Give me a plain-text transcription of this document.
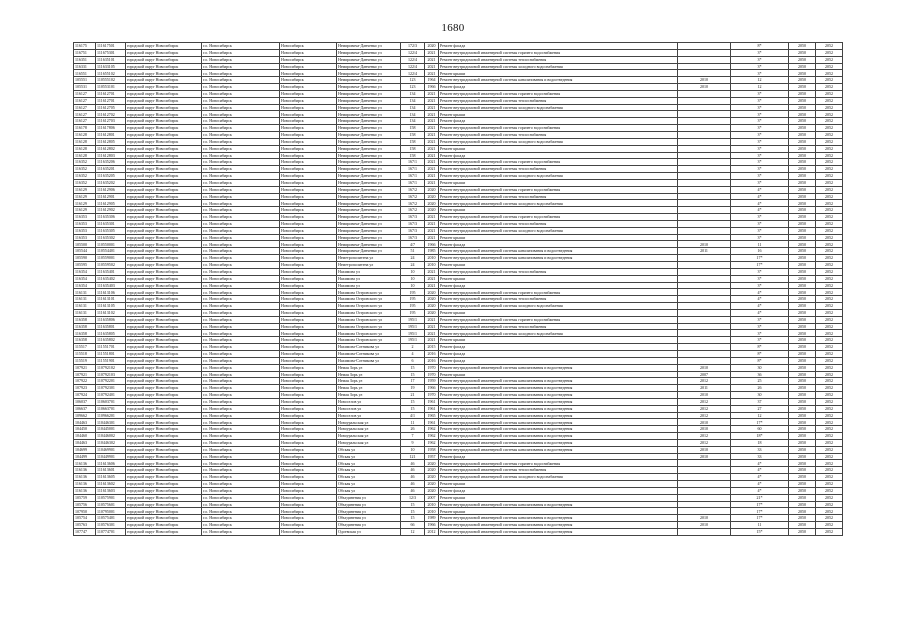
1680
116175	111617501	городской округ Новосибирск	г.о. Новосибирск	Новосибирск	Немировича-Данченко ул	172/3	2020	Ремонт фасада		8*	2050	2052
116751	111675301	городской округ Новосибирск	г.о. Новосибирск	Новосибирск	Немировича-Данченко ул	122/4	2021	Ремонт внутридомовой инженерной системы горячего водоснабжения		3*	2050	2052
116351	111635101	городской округ Новосибирск	г.о. Новосибирск	Новосибирск	Немировича-Данченко ул	122/4	2021	Ремонт внутридомовой инженерной системы теплоснабжения		3*	2050	2052
116331	111633105	городской округ Новосибирск	г.о. Новосибирск	Новосибирск	Немировича-Данченко ул	122/4	2021	Ремонт внутридомовой инженерной системы холодного водоснабжения		3*	2050	2052
116551	111655102	городской округ Новосибирск	г.о. Новосибирск	Новосибирск	Немировича-Данченко ул	122/4	2021	Ремонт крыши		3*	2050	2052
105551	110555102	городской округ Новосибирск	г.о. Новосибирск	Новосибирск	Немировича-Данченко ул	123	1964	Ремонт внутридомовой инженерной системы канализования и водоотведения	2010	12	2050	2052
105531	110553101	городской округ Новосибирск	г.о. Новосибирск	Новосибирск	Немировича-Данченко ул	123	1966	Ремонт фасада	2010	12	2050	2052
116127	111612701	городской округ Новосибирск	г.о. Новосибирск	Новосибирск	Немировича-Данченко ул	134	2021	Ремонт внутридомовой инженерной системы горячего водоснабжения		3*	2050	2052
116127	111612701	городской округ Новосибирск	г.о. Новосибирск	Новосибирск	Немировича-Данченко ул	134	2021	Ремонт внутридомовой инженерной системы теплоснабжения		3*	2050	2052
116127	111612705	городской округ Новосибирск	г.о. Новосибирск	Новосибирск	Немировича-Данченко ул	134	2021	Ремонт внутридомовой инженерной системы холодного водоснабжения		3*	2050	2052
116127	111612702	городской округ Новосибирск	г.о. Новосибирск	Новосибирск	Немировича-Данченко ул	134	2021	Ремонт крыши		3*	2050	2052
116127	111612703	городской округ Новосибирск	г.о. Новосибирск	Новосибирск	Немировича-Данченко ул	134	2021	Ремонт фасада		3*	2050	2052
116178	111617806	городской округ Новосибирск	г.о. Новосибирск	Новосибирск	Немировича-Данченко ул	158	2021	Ремонт внутридомовой инженерной системы горячего водоснабжения		3*	2050	2052
116128	111612801	городской округ Новосибирск	г.о. Новосибирск	Новосибирск	Немировича-Данченко ул	158	2021	Ремонт внутридомовой инженерной системы теплоснабжения		3*	2050	2052
116128	111612805	городской округ Новосибирск	г.о. Новосибирск	Новосибирск	Немировича-Данченко ул	158	2021	Ремонт внутридомовой инженерной системы холодного водоснабжения		3*	2050	2052
116128	111612802	городской округ Новосибирск	г.о. Новосибирск	Новосибирск	Немировича-Данченко ул	158	2021	Ремонт крыши		3*	2050	2052
116128	111612803	городской округ Новосибирск	г.о. Новосибирск	Новосибирск	Немировича-Данченко ул	158	2021	Ремонт фасада		3*	2050	2052
116352	111635206	городской округ Новосибирск	г.о. Новосибирск	Новосибирск	Немировича-Данченко ул	167/1	2021	Ремонт внутридомовой инженерной системы горячего водоснабжения		3*	2050	2052
116352	111635201	городской округ Новосибирск	г.о. Новосибирск	Новосибирск	Немировича-Данченко ул	167/1	2021	Ремонт внутридомовой инженерной системы теплоснабжения		3*	2050	2052
116352	111635205	городской округ Новосибирск	г.о. Новосибирск	Новосибирск	Немировича-Данченко ул	167/1	2021	Ремонт внутридомовой инженерной системы холодного водоснабжения		3*	2050	2052
116352	111635202	городской округ Новосибирск	г.о. Новосибирск	Новосибирск	Немировича-Данченко ул	167/1	2021	Ремонт крыши		3*	2050	2052
116129	111612906	городской округ Новосибирск	г.о. Новосибирск	Новосибирск	Немировича-Данченко ул	167/2	2020	Ремонт внутридомовой инженерной системы горячего водоснабжения		4*	2050	2052
116129	111612901	городской округ Новосибирск	г.о. Новосибирск	Новосибирск	Немировича-Данченко ул	167/2	2020	Ремонт внутридомовой инженерной системы теплоснабжения		4*	2050	2052
116129	111612905	городской округ Новосибирск	г.о. Новосибирск	Новосибирск	Немировича-Данченко ул	167/2	2020	Ремонт внутридомовой инженерной системы холодного водоснабжения		4*	2050	2052
116129	111612902	городской округ Новосибирск	г.о. Новосибирск	Новосибирск	Немировича-Данченко ул	167/2	2020	Ремонт крыши		4*	2050	2052
116353	111635306	городской округ Новосибирск	г.о. Новосибирск	Новосибирск	Немировича-Данченко ул	167/3	2021	Ремонт внутридомовой инженерной системы горячего водоснабжения		3*	2050	2052
116353	111635301	городской округ Новосибирск	г.о. Новосибирск	Новосибирск	Немировича-Данченко ул	167/3	2021	Ремонт внутридомовой инженерной системы теплоснабжения		3*	2050	2052
116353	111635305	городской округ Новосибирск	г.о. Новосибирск	Новосибирск	Немировича-Данченко ул	167/3	2021	Ремонт внутридомовой инженерной системы холодного водоснабжения		3*	2050	2052
116353	111635302	городской округ Новосибирск	г.о. Новосибирск	Новосибирск	Немировича-Данченко ул	167/3	2021	Ремонт крыши		3*	2050	2052
105500	110550001	городской округ Новосибирск	г.о. Новосибирск	Новосибирск	Немировича-Данченко ул	4/7	1966	Ремонт фасада	2010	11	2050	2052
105544	110554401	городской округ Новосибирск	г.о. Новосибирск	Новосибирск	Немировича-Данченко ул	51	1985	Ремонт внутридомовой инженерной системы канализования и водоотведения	2011	16	2050	2052
105590	110559001	городской округ Новосибирск	г.о. Новосибирск	Новосибирск	Неметрополитена ул	24	2010	Ремонт внутридомовой инженерной системы канализования и водоотведения		17*	2050	2052
105595	110559502	городской округ Новосибирск	г.о. Новосибирск	Новосибирск	Неметрополитена ул	24	2010	Ремонт крыши		17*	2050	2052
116354	111635401	городской округ Новосибирск	г.о. Новосибирск	Новосибирск	Нахимова ул	10	2021	Ремонт внутридомовой инженерной системы теплоснабжения		3*	2050	2052
116354	111635402	городской округ Новосибирск	г.о. Новосибирск	Новосибирск	Нахимова ул	10	2021	Ремонт крыши		3*	2050	2052
116354	111635403	городской округ Новосибирск	г.о. Новосибирск	Новосибирск	Нахимова ул	10	2021	Ремонт фасада		3*	2050	2052
116131	111613106	городской округ Новосибирск	г.о. Новосибирск	Новосибирск	Нахимова Островского ул	195	2020	Ремонт внутридомовой инженерной системы горячего водоснабжения		4*	2050	2052
116131	111613101	городской округ Новосибирск	г.о. Новосибирск	Новосибирск	Нахимова Островского ул	195	2020	Ремонт внутридомовой инженерной системы теплоснабжения		4*	2050	2052
116131	111613105	городской округ Новосибирск	г.о. Новосибирск	Новосибирск	Нахимова Островского ул	195	2020	Ремонт внутридомовой инженерной системы холодного водоснабжения		4*	2050	2052
116131	111613102	городской округ Новосибирск	г.о. Новосибирск	Новосибирск	Нахимова Островского ул	195	2020	Ремонт крыши		4*	2050	2052
116358	111635806	городской округ Новосибирск	г.о. Новосибирск	Новосибирск	Нахимова Островского ул	195/1	2021	Ремонт внутридомовой инженерной системы горячего водоснабжения		3*	2050	2052
116358	111635801	городской округ Новосибирск	г.о. Новосибирск	Новосибирск	Нахимова Островского ул	195/1	2021	Ремонт внутридомовой инженерной системы теплоснабжения		3*	2050	2052
116358	111635805	городской округ Новосибирск	г.о. Новосибирск	Новосибирск	Нахимова Островского ул	195/1	2021	Ремонт внутридомовой инженерной системы холодного водоснабжения		3*	2050	2052
116358	111635802	городской округ Новосибирск	г.о. Новосибирск	Новосибирск	Нахимова Островского ул	195/1	2021	Ремонт крыши		3*	2050	2052
115517	111551701	городской округ Новосибирск	г.о. Новосибирск	Новосибирск	Нахимова-Сотникова ул	2	2015	Ремонт фасада		8*	2050	2052
115518	111551801	городской округ Новосибирск	г.о. Новосибирск	Новосибирск	Нахимова-Сотникова ул	4	2016	Ремонт фасада		8*	2050	2052
115519	111551901	городской округ Новосибирск	г.о. Новосибирск	Новосибирск	Нахимова-Сотникова ул	6	2016	Ремонт фасада		8*	2050	2052
107921	110792102	городской округ Новосибирск	г.о. Новосибирск	Новосибирск	Немая Зорь ул	15	1970	Ремонт внутридомовой инженерной системы канализования и водоотведения	2010	30	2050	2052
107921	110792103	городской округ Новосибирск	г.о. Новосибирск	Новосибирск	Немая Зорь ул	15	1970	Ремонт крыши	2007	36	2050	2052
107922	110792201	городской округ Новосибирск	г.о. Новосибирск	Новосибирск	Немая Зорь ул	17	1959	Ремонт внутридомовой инженерной системы канализования и водоотведения	2012	25	2050	2052
107923	110792301	городской округ Новосибирск	г.о. Новосибирск	Новосибирск	Немая Зорь ул	19	1966	Ремонт внутридомовой инженерной системы канализования и водоотведения	2011	26	2050	2052
107924	110792401	городской округ Новосибирск	г.о. Новосибирск	Новосибирск	Немая Зорь ул	21	1970	Ремонт внутридомовой инженерной системы канализования и водоотведения	2010	30	2050	2052
106037	110603701	городской округ Новосибирск	г.о. Новосибирск	Новосибирск	Новоселов ул	15	1961	Ремонт внутридомовой инженерной системы канализования и водоотведения	2012	37	2050	2052
106637	110663701	городской округ Новосибирск	г.о. Новосибирск	Новосибирск	Новоселов ул	15	1961	Ремонт внутридомовой инженерной системы канализования и водоотведения	2012	27	2050	2052
109662	110966201	городской округ Новосибирск	г.о. Новосибирск	Новосибирск	Новоселов ул	4/1	1965	Ремонт внутридомовой инженерной системы канализования и водоотведения	2012	12	2050	2052
104463	110446301	городской округ Новосибирск	г.о. Новосибирск	Новосибирск	Новоуральская ул	11	1961	Ремонт внутридомовой инженерной системы канализования и водоотведения	2010	17*	2050	2052
104450	110445001	городской округ Новосибирск	г.о. Новосибирск	Новосибирск	Новоуральская ул	26	1962	Ремонт внутридомовой инженерной системы канализования и водоотведения	2010	60	2050	2052
104460	110446002	городской округ Новосибирск	г.о. Новосибирск	Новосибирск	Новоуральская ул	7	1962	Ремонт внутридомовой инженерной системы канализования и водоотведения	2012	18*	2050	2052
104463	110446302	городской округ Новосибирск	г.о. Новосибирск	Новосибирск	Новоуральская ул	9	1962	Ремонт внутридомовой инженерной системы канализования и водоотведения	2012	18	2050	2052
104699	110469901	городской округ Новосибирск	г.о. Новосибирск	Новосибирск	Обская ул	10	1958	Ремонт внутридомовой инженерной системы канализования и водоотведения	2010	33	2050	2052
104499	110449901	городской округ Новосибирск	г.о. Новосибирск	Новосибирск	Обская ул	121	1957	Ремонт фасада	2010	33	2050	2052
116136	111613606	городской округ Новосибирск	г.о. Новосибирск	Новосибирск	Обская ул	46	2020	Ремонт внутридомовой инженерной системы горячего водоснабжения		4*	2050	2052
116136	111613601	городской округ Новосибирск	г.о. Новосибирск	Новосибирск	Обская ул	46	2020	Ремонт внутридомовой инженерной системы теплоснабжения		4*	2050	2052
116136	111613605	городской округ Новосибирск	г.о. Новосибирск	Новосибирск	Обская ул	46	2020	Ремонт внутридомовой инженерной системы холодного водоснабжения		4*	2050	2052
116136	111613602	городской округ Новосибирск	г.о. Новосибирск	Новосибирск	Обская ул	46	2020	Ремонт крыши		4*	2050	2052
116136	111613603	городской округ Новосибирск	г.о. Новосибирск	Новосибирск	Обская ул	46	2020	Ремонт фасада		4*	2050	2052
105759	110575901	городской округ Новосибирск	г.о. Новосибирск	Новосибирск	Объединения ул	12/3	2007	Ремонт крыши		21*	2050	2052
105756	110575601	городской округ Новосибирск	г.о. Новосибирск	Новосибирск	Объединения ул	15	2010	Ремонт внутридомовой инженерной системы канализования и водоотведения		17*	2050	2052
107950	110795001	городской округ Новосибирск	г.о. Новосибирск	Новосибирск	Объединения ул	15	2010	Ремонт крыши		17*	2050	2052
105754	110575401	городской округ Новосибирск	г.о. Новосибирск	Новосибирск	Объединения ул	15	1989	Ремонт внутридомовой инженерной системы канализования и водоотведения	2010	17*	2050	2052
105763	110576301	городской округ Новосибирск	г.о. Новосибирск	Новосибирск	Объединения ул	66	1966	Ремонт внутридомовой инженерной системы канализования и водоотведения	2010	11	2050	2052
107747	110774701	городской округ Новосибирск	г.о. Новосибирск	Новосибирск	Одоевская ул	12	2012	Ремонт внутридомовой инженерной системы канализования и водоотведения		15*	2050	2052
